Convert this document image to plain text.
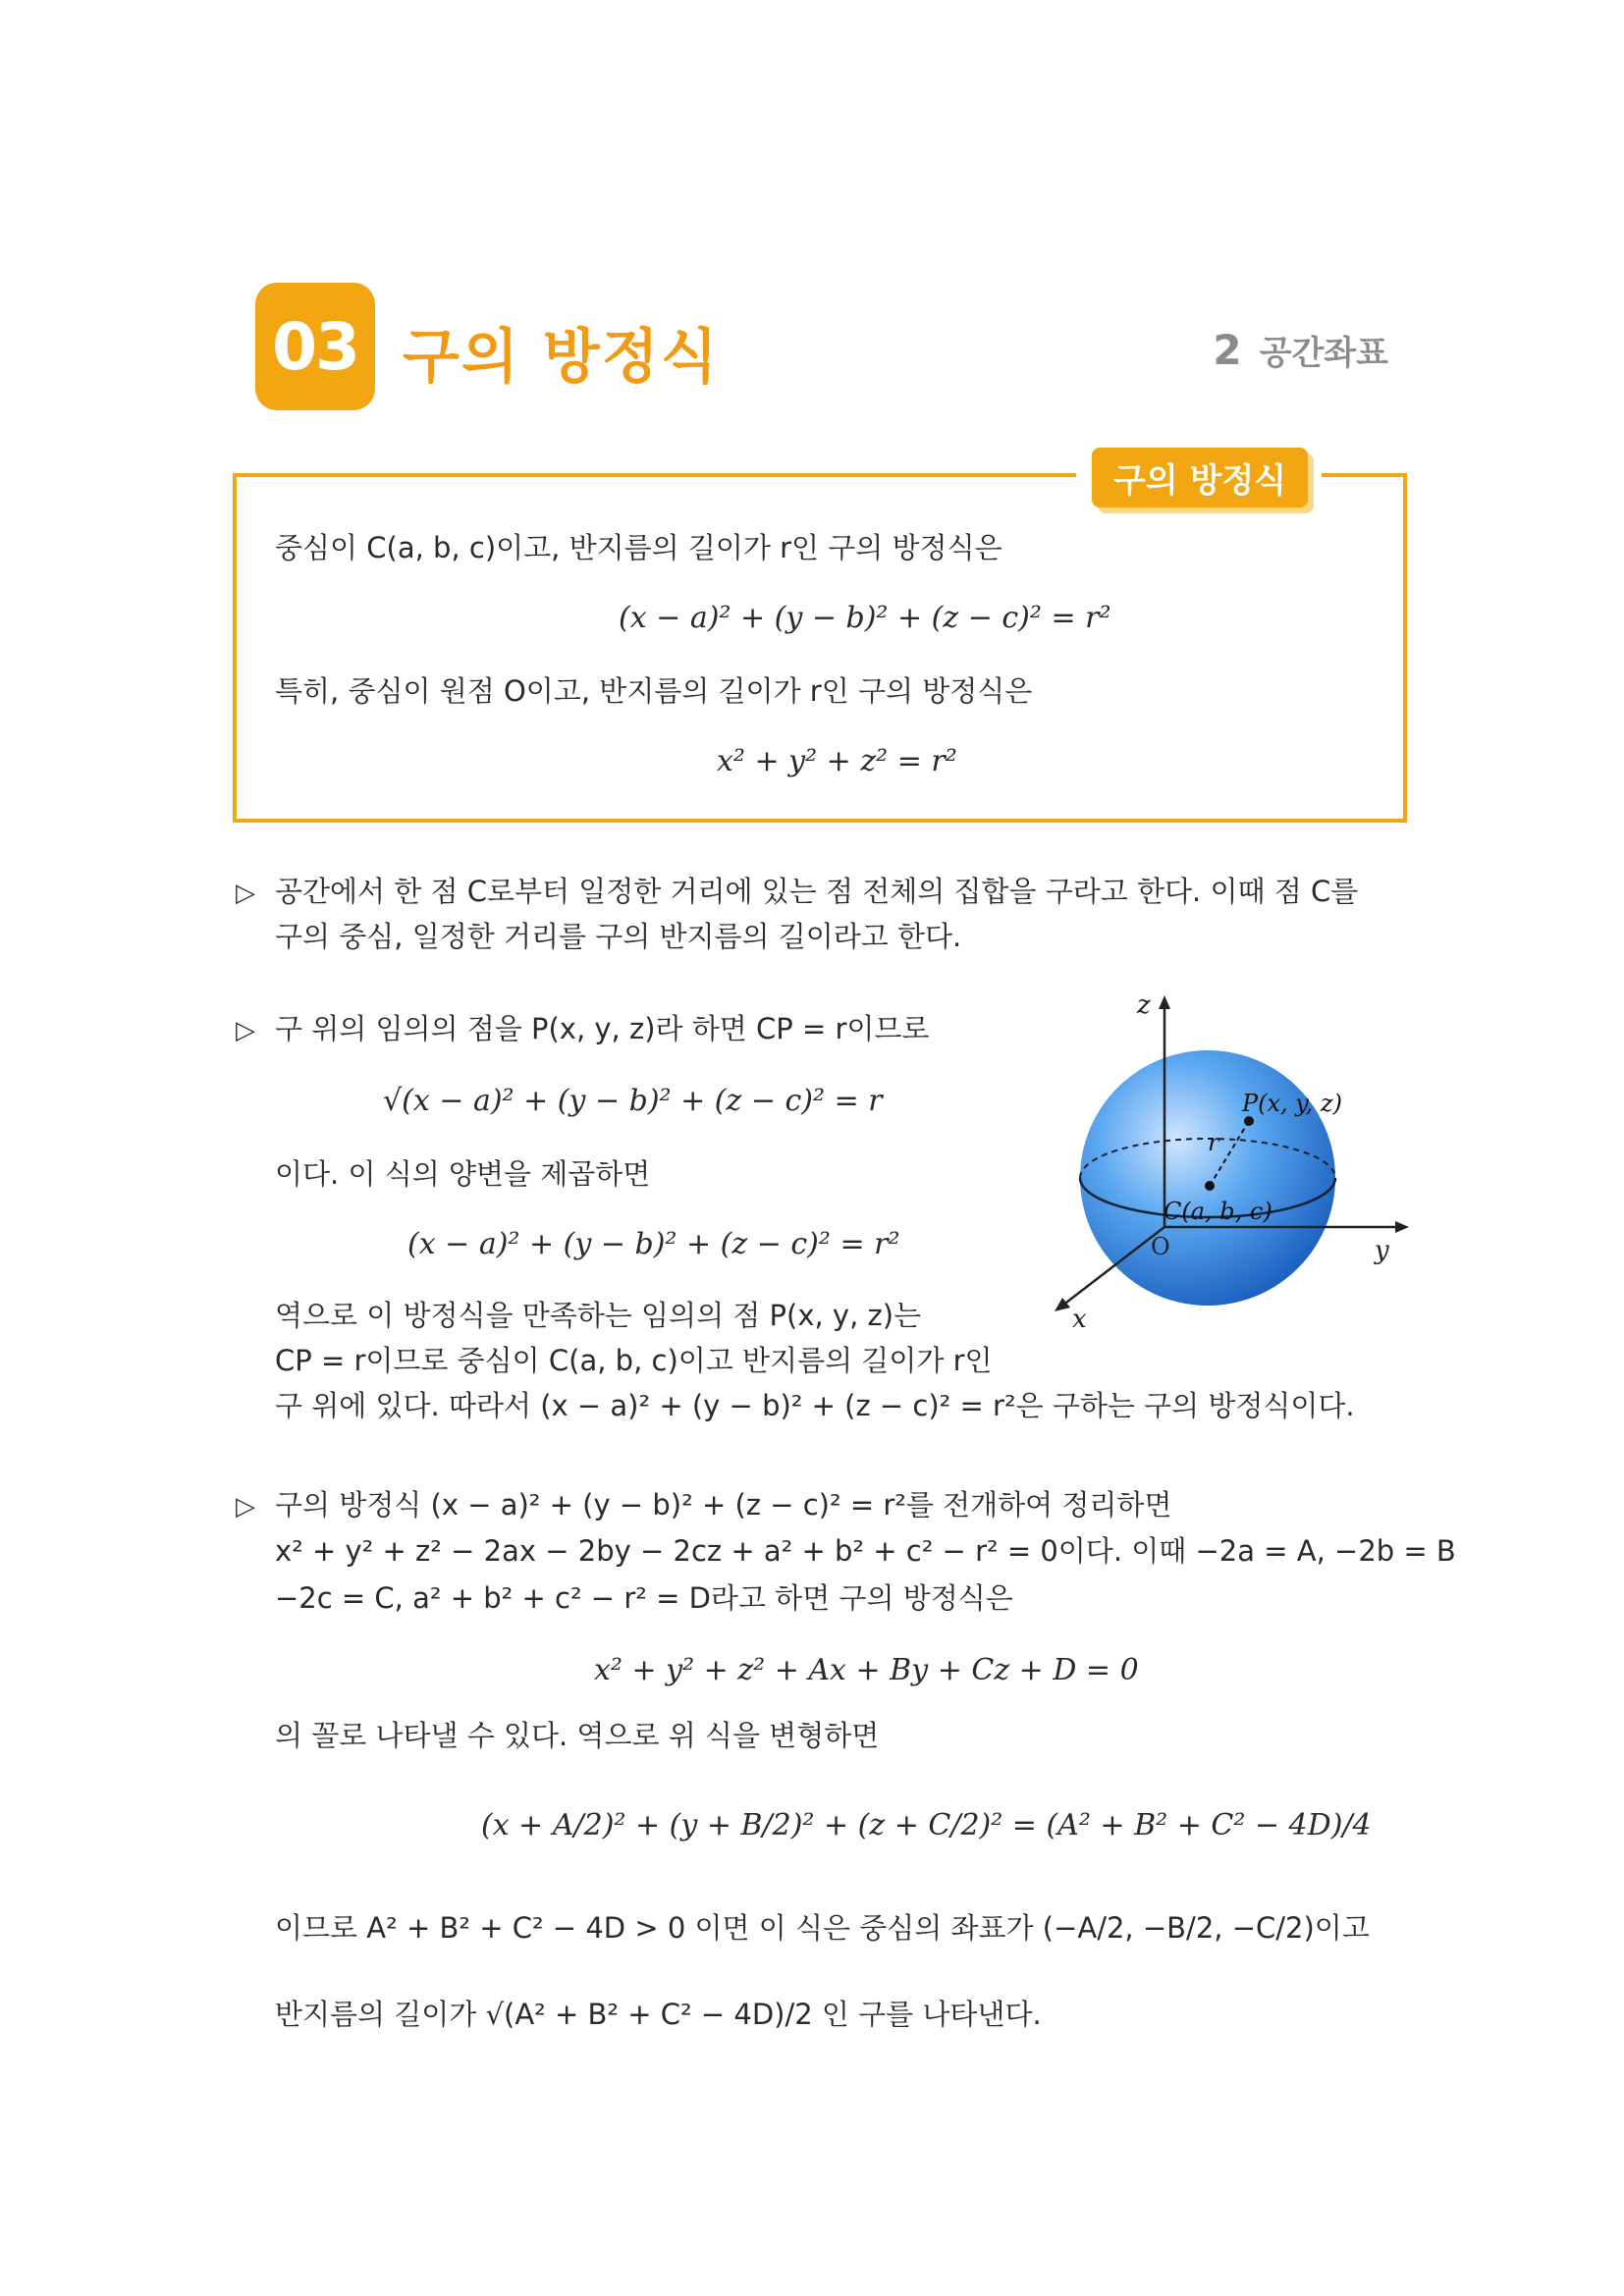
03 구의 방정식	2 공간좌표
구의 방정식
중심이 C(a, b, c)이고, 반지름의 길이가 r인 구의 방정식은
(x − a)² + (y − b)² + (z − c)² = r²
특히, 중심이 원점 O이고, 반지름의 길이가 r인 구의 방정식은
x² + y² + z² = r²
▷ 공간에서 한 점 C로부터 일정한 거리에 있는 점 전체의 집합을 구라고 한다. 이때 점 C를
구의 중심, 일정한 거리를 구의 반지름의 길이라고 한다.
▷ 구 위의 임의의 점을 P(x, y, z)라 하면 CP = r이므로
√(x − a)² + (y − b)² + (z − c)² = r
이다. 이 식의 양변을 제곱하면
(x − a)² + (y − b)² + (z − c)² = r²
역으로 이 방정식을 만족하는 임의의 점 P(x, y, z)는
CP = r이므로 중심이 C(a, b, c)이고 반지름의 길이가 r인
구 위에 있다. 따라서 (x − a)² + (y − b)² + (z − c)² = r²은 구하는 구의 방정식이다.
z
y
x
O
P(x, y, z)
C(a, b, c)
r
▷ 구의 방정식 (x − a)² + (y − b)² + (z − c)² = r²를 전개하여 정리하면
x² + y² + z² − 2ax − 2by − 2cz + a² + b² + c² − r² = 0이다. 이때 −2a = A, −2b = B
−2c = C, a² + b² + c² − r² = D라고 하면 구의 방정식은
x² + y² + z² + Ax + By + Cz + D = 0
의 꼴로 나타낼 수 있다. 역으로 위 식을 변형하면
(x + A/2)² + (y + B/2)² + (z + C/2)² = (A² + B² + C² − 4D)/4
이므로 A² + B² + C² − 4D > 0 이면 이 식은 중심의 좌표가 (−A/2, −B/2, −C/2)이고
반지름의 길이가 √(A² + B² + C² − 4D)/2 인 구를 나타낸다.
